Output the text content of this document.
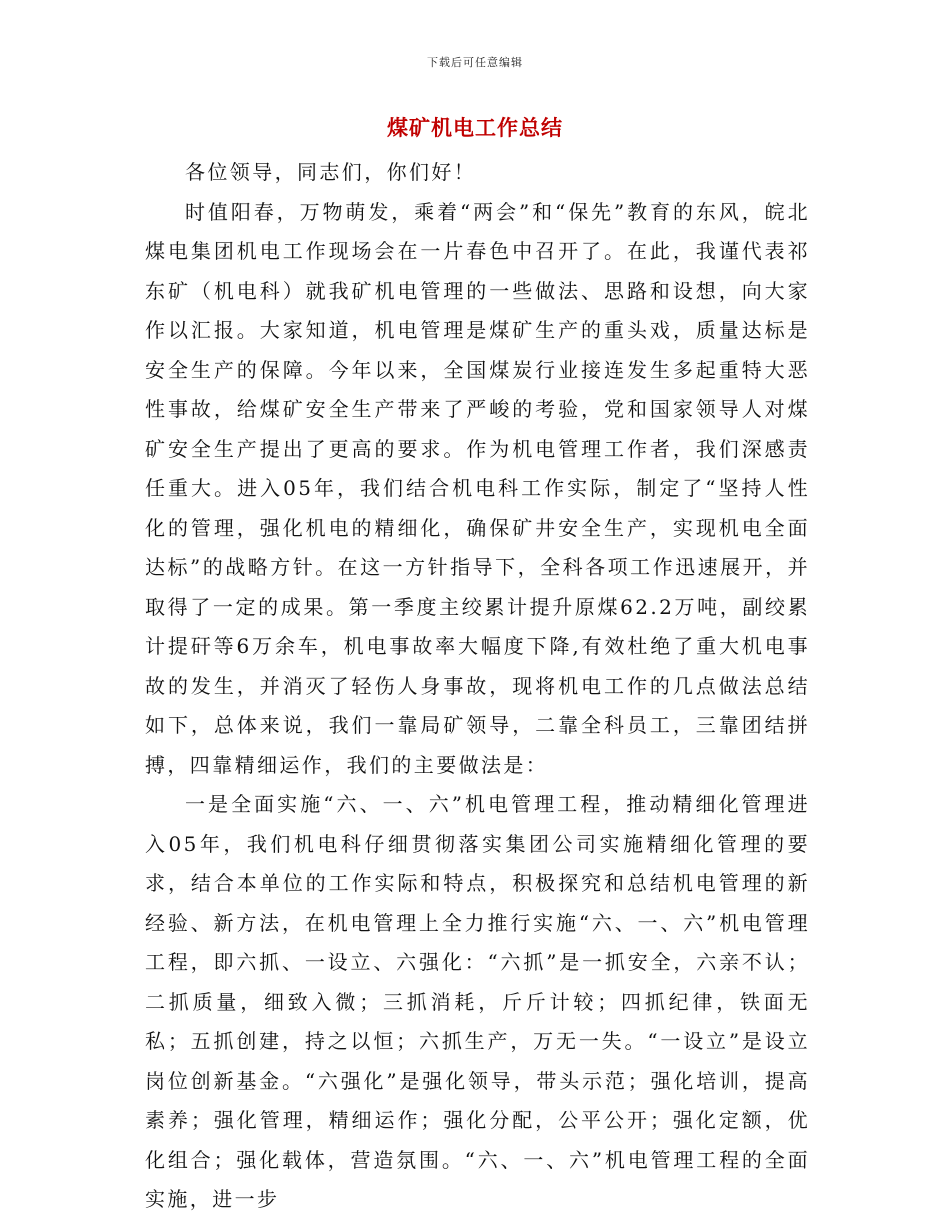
下载后可任意编辑
煤矿机电工作总结

各位领导，同志们，你们好！

时值阳春，万物萌发，乘着“两会”和“保先”教育的东风，皖北煤电集团机电工作现场会在一片春色中召开了。在此，我谨代表祁东矿（机电科）就我矿机电管理的一些做法、思路和设想，向大家作以汇报。大家知道，机电管理是煤矿生产的重头戏，质量达标是安全生产的保障。今年以来，全国煤炭行业接连发生多起重特大恶性事故，给煤矿安全生产带来了严峻的考验，党和国家领导人对煤矿安全生产提出了更高的要求。作为机电管理工作者，我们深感责任重大。进入05年，我们结合机电科工作实际，制定了“坚持人性化的管理，强化机电的精细化，确保矿井安全生产，实现机电全面达标”的战略方针。在这一方针指导下，全科各项工作迅速展开，并取得了一定的成果。第一季度主绞累计提升原煤62.2万吨，副绞累计提矸等6万余车，机电事故率大幅度下降,有效杜绝了重大机电事故的发生，并消灭了轻伤人身事故，现将机电工作的几点做法总结如下，总体来说，我们一靠局矿领导，二靠全科员工，三靠团结拼搏，四靠精细运作，我们的主要做法是：

一是全面实施“六、一、六”机电管理工程，推动精细化管理进入05年，我们机电科仔细贯彻落实集团公司实施精细化管理的要求，结合本单位的工作实际和特点，积极探究和总结机电管理的新经验、新方法，在机电管理上全力推行实施“六、一、六”机电管理工程，即六抓、一设立、六强化：“六抓”是一抓安全，六亲不认；二抓质量，细致入微；三抓消耗，斤斤计较；四抓纪律，铁面无私；五抓创建，持之以恒；六抓生产，万无一失。“一设立”是设立岗位创新基金。“六强化”是强化领导，带头示范；强化培训，提高素养；强化管理，精细运作；强化分配，公平公开；强化定额，优化组合；强化载体，营造氛围。“六、一、六”机电管理工程的全面实施，进一步
